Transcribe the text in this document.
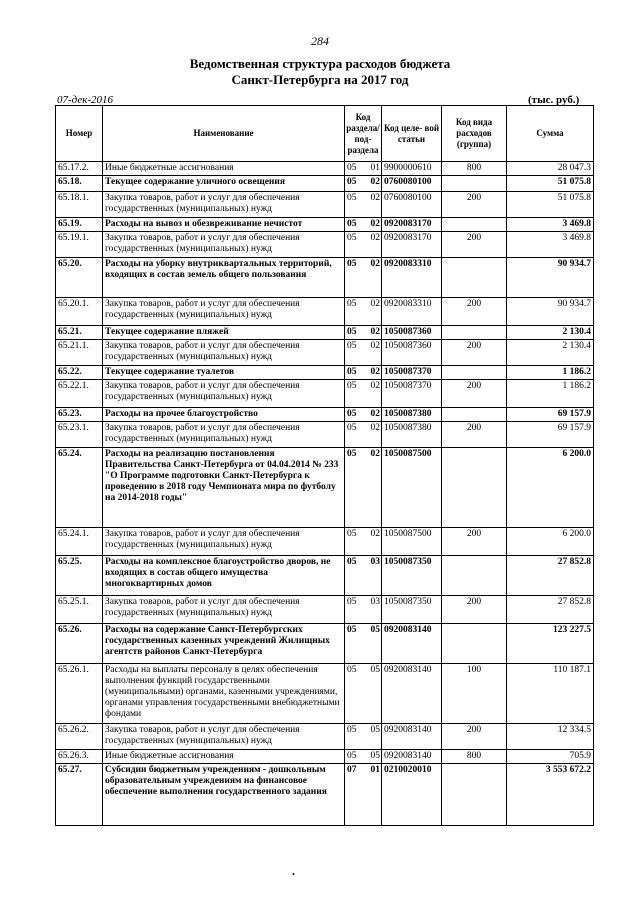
284
Ведомственная структура расходов бюджета
Санкт-Петербурга на 2017 год
07-дек-2016	(тыс. руб.)
Номер	Наименование	Код раздела/ под- раздела		Код целе- вой статьи	Код вида расходов (группа)	Сумма
65.17.2.	Иные бюджетные ассигнования	05	01	9900000610	800	28 047.3
65.18.	Текущее содержание уличного освещения	05	02	0760080100		51 075.8
65.18.1.	Закупка товаров, работ и услуг для обеспечения государственных (муниципальных) нужд	05	02	0760080100	200	51 075.8
65.19.	Расходы на вывоз и обезвреживание нечистот	05	02	0920083170		3 469.8
65.19.1.	Закупка товаров, работ и услуг для обеспечения государственных (муниципальных) нужд	05	02	0920083170	200	3 469.8
65.20.	Расходы на уборку внутриквартальных территорий, входящих в состав земель общего пользования	05	02	0920083310		90 934.7
65.20.1.	Закупка товаров, работ и услуг для обеспечения государственных (муниципальных) нужд	05	02	0920083310	200	90 934.7
65.21.	Текущее содержание пляжей	05	02	1050087360		2 130.4
65.21.1.	Закупка товаров, работ и услуг для обеспечения государственных (муниципальных) нужд	05	02	1050087360	200	2 130.4
65.22.	Текущее содержание туалетов	05	02	1050087370		1 186.2
65.22.1.	Закупка товаров, работ и услуг для обеспечения государственных (муниципальных) нужд	05	02	1050087370	200	1 186.2
65.23.	Расходы на прочее благоустройство	05	02	1050087380		69 157.9
65.23.1.	Закупка товаров, работ и услуг для обеспечения государственных (муниципальных) нужд	05	02	1050087380	200	69 157.9
65.24.	Расходы на реализацию постановления Правительства Санкт-Петербурга от 04.04.2014 № 233 "О Программе подготовки Санкт-Петербурга к проведению в 2018 году Чемпионата мира по футболу на 2014-2018 годы"	05	02	1050087500		6 200.0
65.24.1.	Закупка товаров, работ и услуг для обеспечения государственных (муниципальных) нужд	05	02	1050087500	200	6 200.0
65.25.	Расходы на комплексное благоустройство дворов, не входящих в состав общего имущества многоквартирных домов	05	03	1050087350		27 852.8
65.25.1.	Закупка товаров, работ и услуг для обеспечения государственных (муниципальных) нужд	05	03	1050087350	200	27 852.8
65.26.	Расходы на содержание Санкт-Петербургских государственных казенных учреждений Жилищных агентств районов Санкт-Петербурга	05	05	0920083140		123 227.5
65.26.1.	Расходы на выплаты персоналу в целях обеспечения выполнения функций государственными (муниципальными) органами, казенными учреждениями, органами управления государственными внебюджетными фондами	05	05	0920083140	100	110 187.1
65.26.2.	Закупка товаров, работ и услуг для обеспечения государственных (муниципальных) нужд	05	05	0920083140	200	12 334.5
65.26.3.	Иные бюджетные ассигнования	05	05	0920083140	800	705.9
65.27.	Субсидии бюджетным учреждениям - дошкольным образовательным учреждениям на финансовое обеспечение выполнения государственного задания	07	01	0210020010		3 553 672.2
•
